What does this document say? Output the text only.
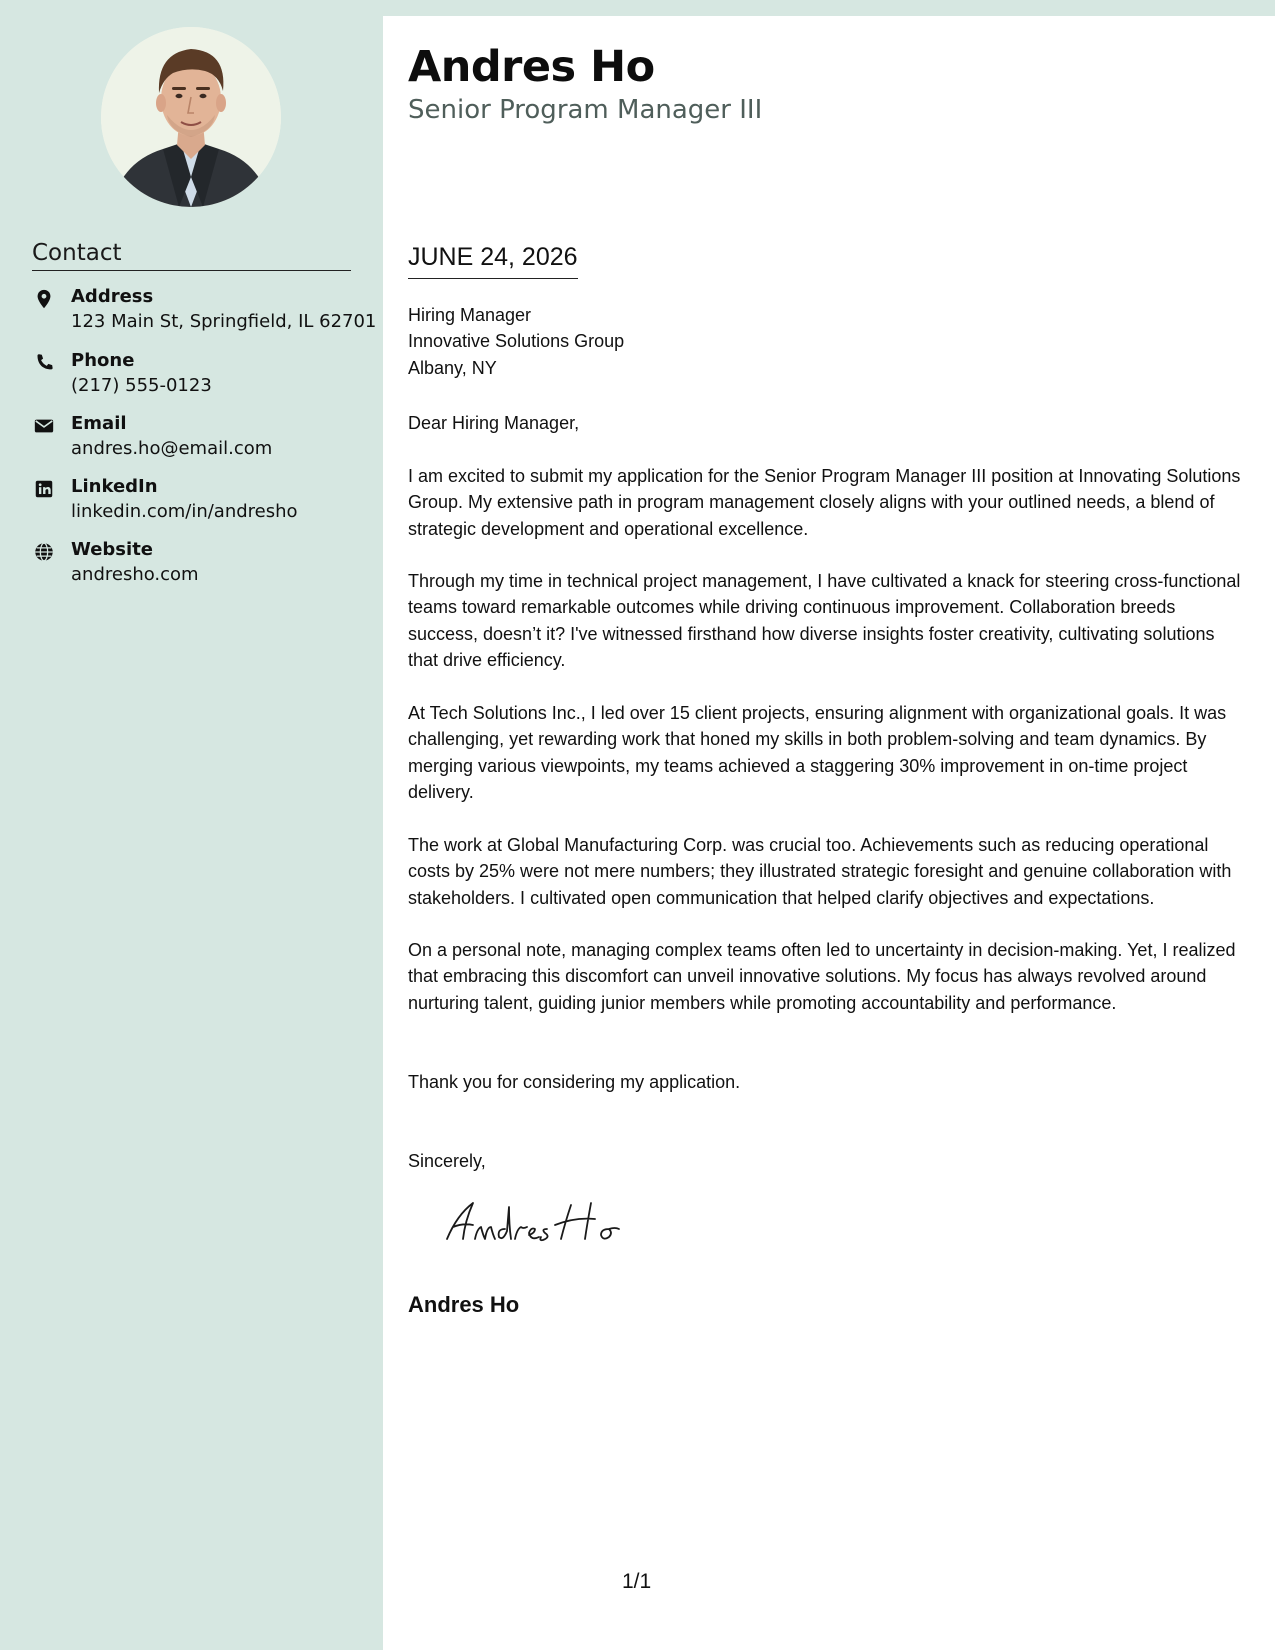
Contact
Address
123 Main St, Springfield, IL 62701
Phone
(217) 555-0123
Email
andres.ho@email.com
LinkedIn
linkedin.com/in/andresho
Website
andresho.com
Andres Ho
Senior Program Manager III
JUNE 24, 2026
Hiring Manager
Innovative Solutions Group
Albany, NY
Dear Hiring Manager,
I am excited to submit my application for the Senior Program Manager III position at Innovating Solutions Group. My extensive path in program management closely aligns with your outlined needs, a blend of strategic development and operational excellence.
Through my time in technical project management, I have cultivated a knack for steering cross-functional teams toward remarkable outcomes while driving continuous improvement. Collaboration breeds success, doesn’t it? I've witnessed firsthand how diverse insights foster creativity, cultivating solutions that drive efficiency.
At Tech Solutions Inc., I led over 15 client projects, ensuring alignment with organizational goals. It was challenging, yet rewarding work that honed my skills in both problem-solving and team dynamics. By merging various viewpoints, my teams achieved a staggering 30% improvement in on-time project delivery.
The work at Global Manufacturing Corp. was crucial too. Achievements such as reducing operational costs by 25% were not mere numbers; they illustrated strategic foresight and genuine collaboration with stakeholders. I cultivated open communication that helped clarify objectives and expectations.
On a personal note, managing complex teams often led to uncertainty in decision-making. Yet, I realized that embracing this discomfort can unveil innovative solutions. My focus has always revolved around nurturing talent, guiding junior members while promoting accountability and performance.
Thank you for considering my application.
Sincerely,
Andres Ho
Andres Ho
1/1
